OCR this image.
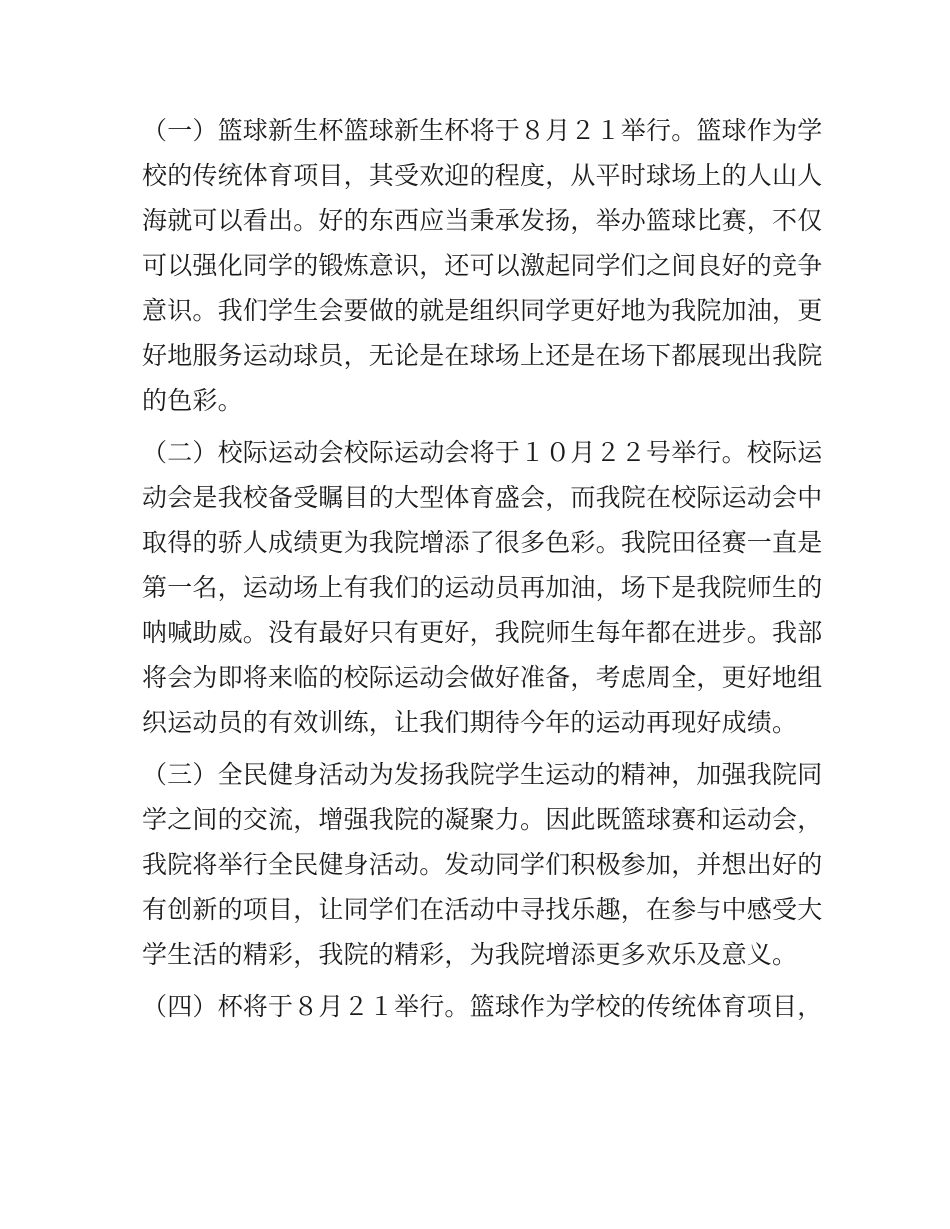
（一）篮球新生杯篮球新生杯将于８月２１举行。篮球作为学
校的传统体育项目，其受欢迎的程度，从平时球场上的人山人
海就可以看出。好的东西应当秉承发扬，举办篮球比赛，不仅
可以强化同学的锻炼意识，还可以激起同学们之间良好的竞争
意识。我们学生会要做的就是组织同学更好地为我院加油，更
好地服务运动球员，无论是在球场上还是在场下都展现出我院
的色彩。
（二）校际运动会校际运动会将于１０月２２号举行。校际运
动会是我校备受瞩目的大型体育盛会，而我院在校际运动会中
取得的骄人成绩更为我院增添了很多色彩。我院田径赛一直是
第一名，运动场上有我们的运动员再加油，场下是我院师生的
呐喊助威。没有最好只有更好，我院师生每年都在进步。我部
将会为即将来临的校际运动会做好准备，考虑周全，更好地组
织运动员的有效训练，让我们期待今年的运动再现好成绩。
（三）全民健身活动为发扬我院学生运动的精神，加强我院同
学之间的交流，增强我院的凝聚力。因此既篮球赛和运动会，
我院将举行全民健身活动。发动同学们积极参加，并想出好的
有创新的项目，让同学们在活动中寻找乐趣，在参与中感受大
学生活的精彩，我院的精彩，为我院增添更多欢乐及意义。
（四）杯将于８月２１举行。篮球作为学校的传统体育项目，
